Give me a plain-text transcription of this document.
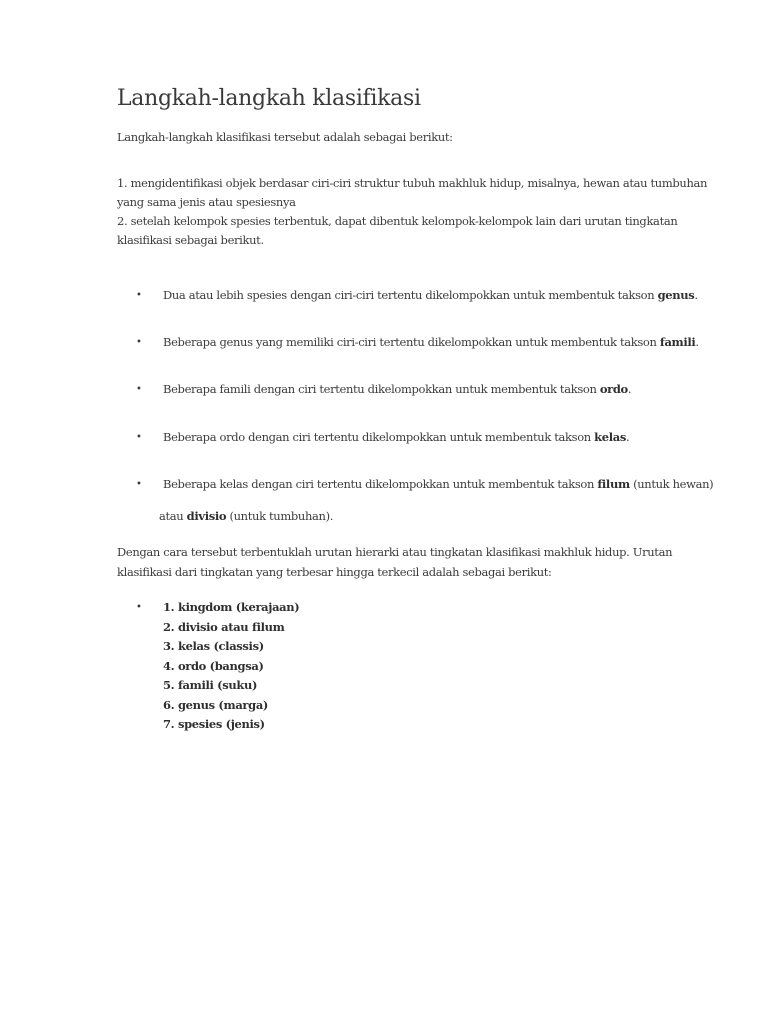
Langkah-langkah klasifikasi
Langkah-langkah klasifikasi tersebut adalah sebagai berikut:
1. mengidentifikasi objek berdasar ciri-ciri struktur tubuh makhluk hidup, misalnya, hewan atau tumbuhan
yang sama jenis atau spesiesnya
2. setelah kelompok spesies terbentuk, dapat dibentuk kelompok-kelompok lain dari urutan tingkatan
klasifikasi sebagai berikut.
• Dua atau lebih spesies dengan ciri-ciri tertentu dikelompokkan untuk membentuk takson genus.
• Beberapa genus yang memiliki ciri-ciri tertentu dikelompokkan untuk membentuk takson famili.
• Beberapa famili dengan ciri tertentu dikelompokkan untuk membentuk takson ordo.
• Beberapa ordo dengan ciri tertentu dikelompokkan untuk membentuk takson kelas.
• Beberapa kelas dengan ciri tertentu dikelompokkan untuk membentuk takson filum (untuk hewan)
atau divisio (untuk tumbuhan).
Dengan cara tersebut terbentuklah urutan hierarki atau tingkatan klasifikasi makhluk hidup. Urutan
klasifikasi dari tingkatan yang terbesar hingga terkecil adalah sebagai berikut:
• 1. kingdom (kerajaan)
2. divisio atau filum
3. kelas (classis)
4. ordo (bangsa)
5. famili (suku)
6. genus (marga)
7. spesies (jenis)
